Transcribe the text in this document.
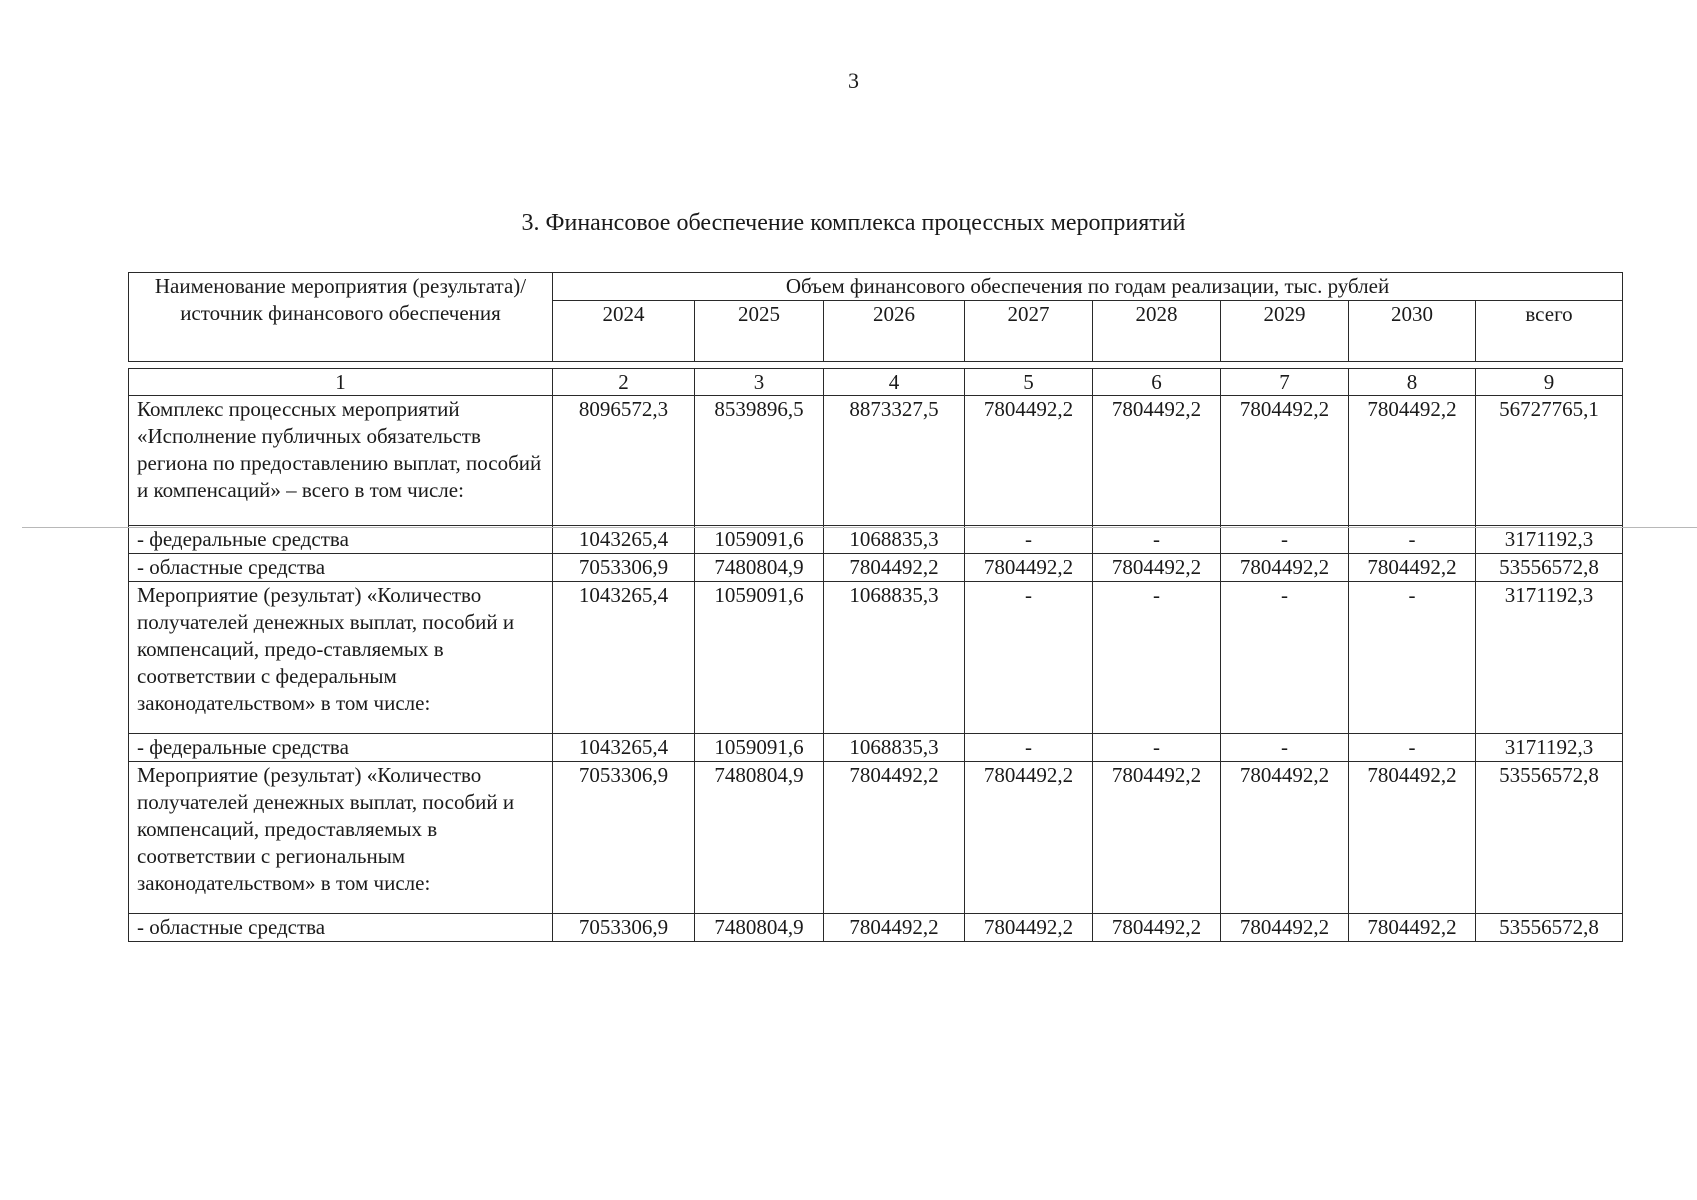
3
3. Финансовое обеспечение комплекса процессных мероприятий
Наименование мероприятия (результата)/ источник финансового обеспечения	Объем финансового обеспечения по годам реализации, тыс. рублей							
	2024	2025	2026	2027	2028	2029	2030	всего

1	2	3	4	5	6	7	8	9
Комплекс процессных мероприятий «Исполнение публичных обязательств региона по предоставлению выплат, пособий и компенсаций» – всего в том числе:	8096572,3	8539896,5	8873327,5	7804492,2	7804492,2	7804492,2	7804492,2	56727765,1
- федеральные средства	1043265,4	1059091,6	1068835,3	-	-	-	-	3171192,3
- областные средства	7053306,9	7480804,9	7804492,2	7804492,2	7804492,2	7804492,2	7804492,2	53556572,8
Мероприятие (результат) «Количество получателей денежных выплат, пособий и компенсаций, предо-ставляемых в соответствии с федеральным законодательством» в том числе:	1043265,4	1059091,6	1068835,3	-	-	-	-	3171192,3
- федеральные средства	1043265,4	1059091,6	1068835,3	-	-	-	-	3171192,3
Мероприятие (результат) «Количество получателей денежных выплат, пособий и компенсаций, предоставляемых в соответствии с региональным законодательством» в том числе:	7053306,9	7480804,9	7804492,2	7804492,2	7804492,2	7804492,2	7804492,2	53556572,8
- областные средства	7053306,9	7480804,9	7804492,2	7804492,2	7804492,2	7804492,2	7804492,2	53556572,8
